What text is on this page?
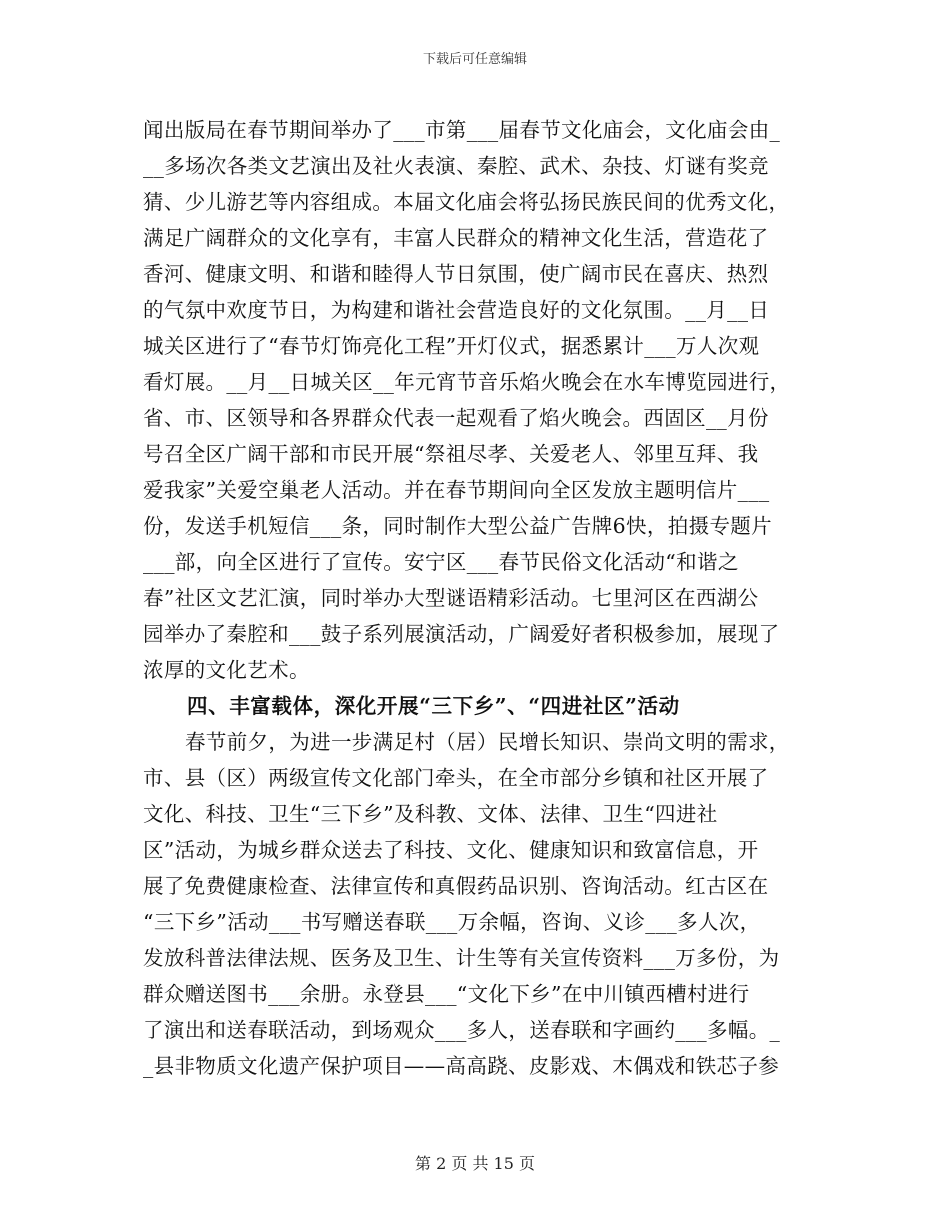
下载后可任意编辑
闻出版局在春节期间举办了___市第___届春节文化庙会，文化庙会由_
__多场次各类文艺演出及社火表演、秦腔、武术、杂技、灯谜有奖竞
猜、少儿游艺等内容组成。本届文化庙会将弘扬民族民间的优秀文化，
满足广阔群众的文化享有，丰富人民群众的精神文化生活，营造花了
香河、健康文明、和谐和睦得人节日氛围，使广阔市民在喜庆、热烈
的气氛中欢度节日，为构建和谐社会营造良好的文化氛围。__月__日
城关区进行了“春节灯饰亮化工程”开灯仪式，据悉累计___万人次观
看灯展。__月__日城关区__年元宵节音乐焰火晚会在水车博览园进行，
省、市、区领导和各界群众代表一起观看了焰火晚会。西固区__月份
号召全区广阔干部和市民开展“祭祖尽孝、关爱老人、邻里互拜、我
爱我家”关爱空巢老人活动。并在春节期间向全区发放主题明信片___
份，发送手机短信___条，同时制作大型公益广告牌6快，拍摄专题片
___部，向全区进行了宣传。安宁区___春节民俗文化活动“和谐之
春”社区文艺汇演，同时举办大型谜语精彩活动。七里河区在西湖公
园举办了秦腔和___鼓子系列展演活动，广阔爱好者积极参加，展现了
浓厚的文化艺术。
四、丰富载体，深化开展“三下乡”、“四进社区”活动
春节前夕，为进一步满足村（居）民增长知识、崇尚文明的需求，
市、县（区）两级宣传文化部门牵头，在全市部分乡镇和社区开展了
文化、科技、卫生“三下乡”及科教、文体、法律、卫生“四进社
区”活动，为城乡群众送去了科技、文化、健康知识和致富信息，开
展了免费健康检查、法律宣传和真假药品识别、咨询活动。红古区在
“三下乡”活动___书写赠送春联___万余幅，咨询、义诊___多人次，
发放科普法律法规、医务及卫生、计生等有关宣传资料___万多份，为
群众赠送图书___余册。永登县___“文化下乡”在中川镇西槽村进行
了演出和送春联活动，到场观众___多人，送春联和字画约___多幅。_
_县非物质文化遗产保护项目——高高跷、皮影戏、木偶戏和铁芯子参
第 2 页 共 15 页
